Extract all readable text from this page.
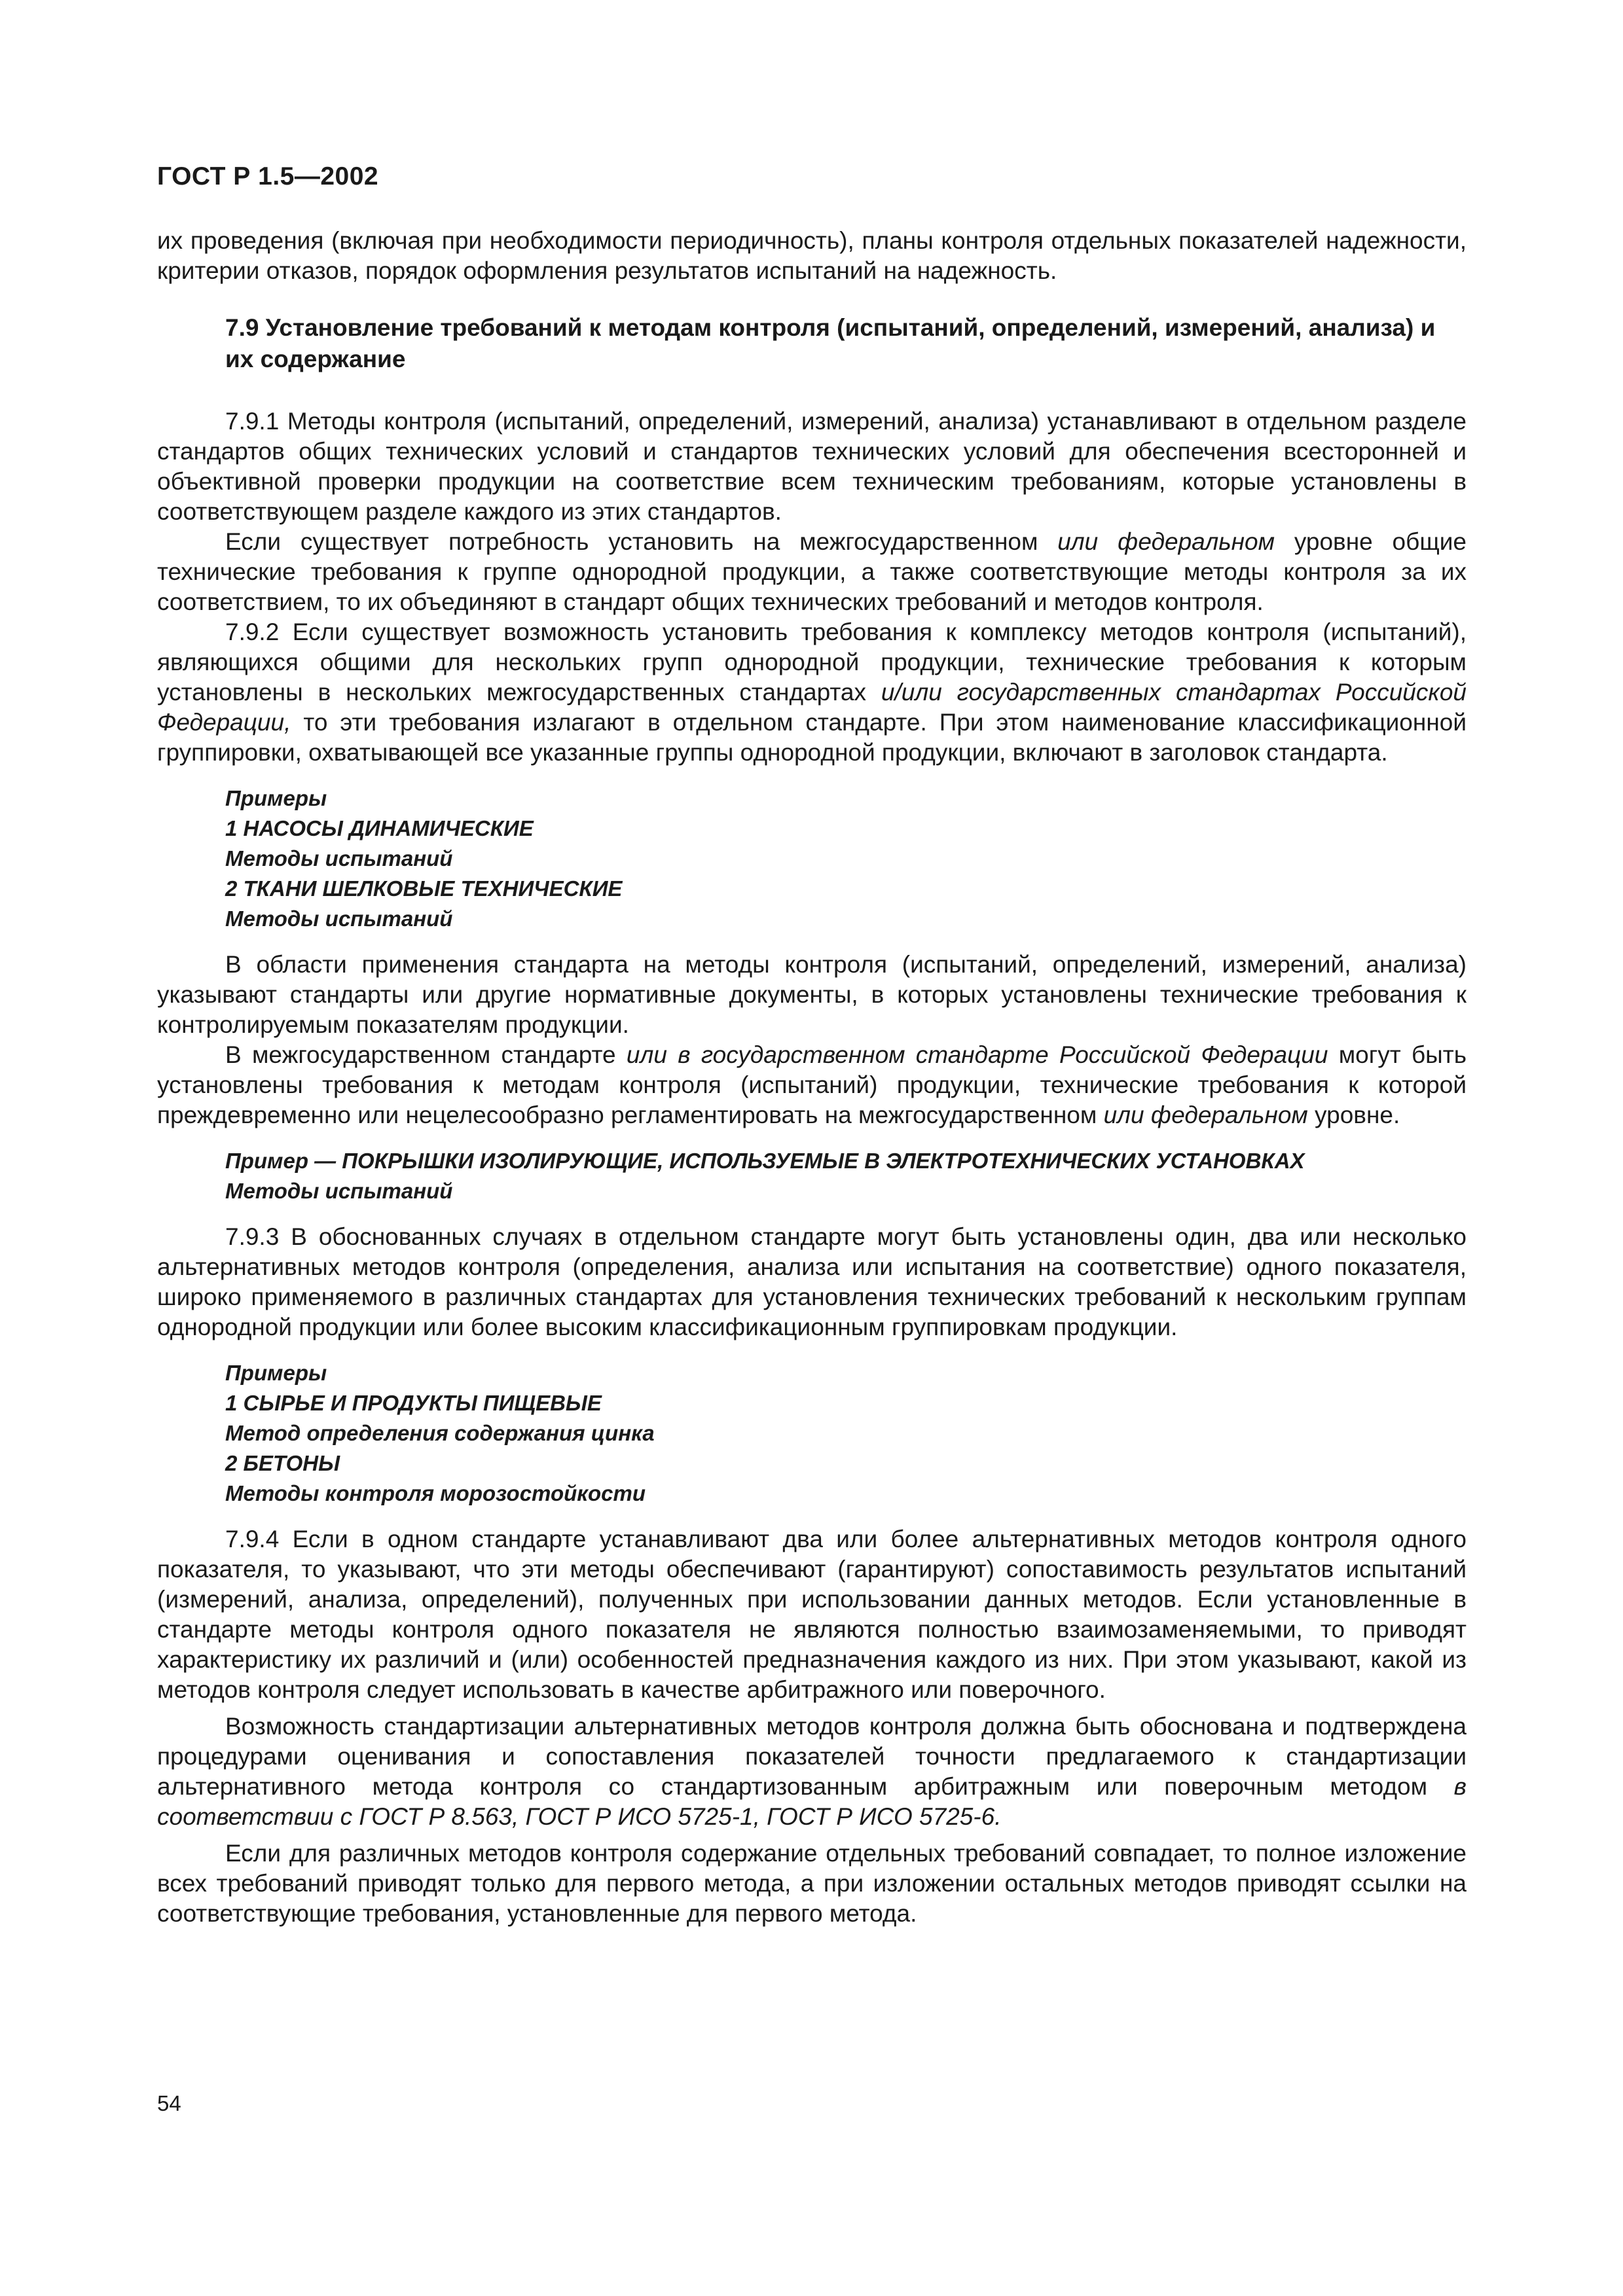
ГОСТ Р 1.5—2002

их проведения (включая при необходимости периодичность), планы контроля отдельных показателей надежности, критерии отказов, порядок оформления результатов испытаний на надежность.

7.9 Установление требований к методам контроля (испытаний, определений, измерений, анализа) и их содержание

7.9.1 Методы контроля (испытаний, определений, измерений, анализа) устанавливают в отдельном разделе стандартов общих технических условий и стандартов технических условий для обеспечения всесторонней и объективной проверки продукции на соответствие всем техническим требованиям, которые установлены в соответствующем разделе каждого из этих стандартов.

Если существует потребность установить на межгосударственном или федеральном уровне общие технические требования к группе однородной продукции, а также соответствующие методы контроля за их соответствием, то их объединяют в стандарт общих технических требований и методов контроля.

7.9.2 Если существует возможность установить требования к комплексу методов контроля (испытаний), являющихся общими для нескольких групп однородной продукции, технические требования к которым установлены в нескольких межгосударственных стандартах и/или государственных стандартах Российской Федерации, то эти требования излагают в отдельном стандарте. При этом наименование классификационной группировки, охватывающей все указанные группы однородной продукции, включают в заголовок стандарта.

Примеры
1 НАСОСЫ ДИНАМИЧЕСКИЕ
Методы испытаний
2 ТКАНИ ШЕЛКОВЫЕ ТЕХНИЧЕСКИЕ
Методы испытаний

В области применения стандарта на методы контроля (испытаний, определений, измерений, анализа) указывают стандарты или другие нормативные документы, в которых установлены технические требования к контролируемым показателям продукции.

В межгосударственном стандарте или в государственном стандарте Российской Федерации могут быть установлены требования к методам контроля (испытаний) продукции, технические требования к которой преждевременно или нецелесообразно регламентировать на межгосударственном или федеральном уровне.

Пример — ПОКРЫШКИ ИЗОЛИРУЮЩИЕ, ИСПОЛЬЗУЕМЫЕ В ЭЛЕКТРОТЕХНИЧЕСКИХ УСТАНОВКАХ
Методы испытаний

7.9.3 В обоснованных случаях в отдельном стандарте могут быть установлены один, два или несколько альтернативных методов контроля (определения, анализа или испытания на соответствие) одного показателя, широко применяемого в различных стандартах для установления технических требований к нескольким группам однородной продукции или более высоким классификационным группировкам продукции.

Примеры
1 СЫРЬЕ И ПРОДУКТЫ ПИЩЕВЫЕ
Метод определения содержания цинка
2 БЕТОНЫ
Методы контроля морозостойкости

7.9.4 Если в одном стандарте устанавливают два или более альтернативных методов контроля одного показателя, то указывают, что эти методы обеспечивают (гарантируют) сопоставимость результатов испытаний (измерений, анализа, определений), полученных при использовании данных методов. Если установленные в стандарте методы контроля одного показателя не являются полностью взаимозаменяемыми, то приводят характеристику их различий и (или) особенностей предназначения каждого из них. При этом указывают, какой из методов контроля следует использовать в качестве арбитражного или поверочного.

Возможность стандартизации альтернативных методов контроля должна быть обоснована и подтверждена процедурами оценивания и сопоставления показателей точности предлагаемого к стандартизации альтернативного метода контроля со стандартизованным арбитражным или поверочным методом в соответствии с ГОСТ Р 8.563, ГОСТ Р ИСО 5725-1, ГОСТ Р ИСО 5725-6.

Если для различных методов контроля содержание отдельных требований совпадает, то полное изложение всех требований приводят только для первого метода, а при изложении остальных методов приводят ссылки на соответствующие требования, установленные для первого метода.

54
